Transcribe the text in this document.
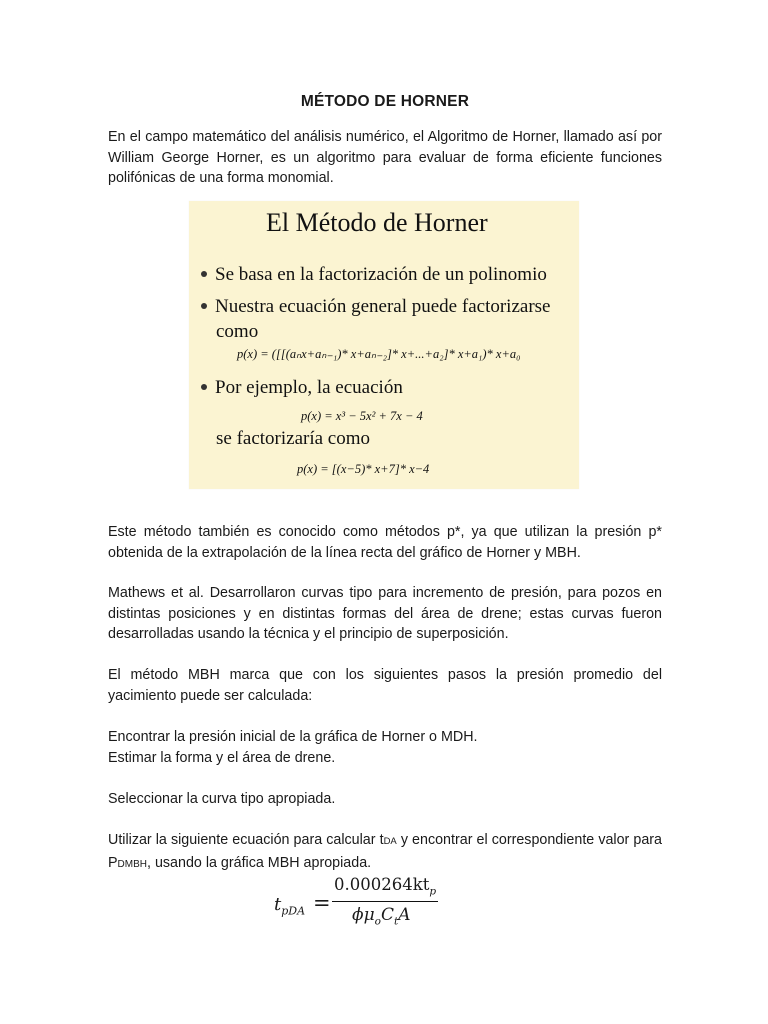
MÉTODO DE HORNER

En el campo matemático del análisis numérico, el Algoritmo de Horner, llamado así por William George Horner, es un algoritmo para evaluar de forma eficiente funciones polifónicas de una forma monomial.

El Método de Horner
Se basa en la factorización de un polinomio
Nuestra ecuación general puede factorizarse
como
p(x) = ([[(aₙx+aₙ₋₁)* x+aₙ₋₂]* x+...+a₂]* x+a₁)* x+a₀
Por ejemplo, la ecuación
p(x) = x³ − 5x² + 7x − 4
se factorizaría como
p(x) = [(x−5)* x+7]* x−4

Este método también es conocido como métodos p*, ya que utilizan la presión p* obtenida de la extrapolación de la línea recta del gráfico de Horner y MBH.

Mathews et al. Desarrollaron curvas tipo para incremento de presión, para pozos en distintas posiciones y en distintas formas del área de drene; estas curvas fueron desarrolladas usando la técnica y el principio de superposición.

El método MBH marca que con los siguientes pasos la presión promedio del yacimiento puede ser calculada:

Encontrar la presión inicial de la gráfica de Horner o MDH.

Estimar la forma y el área de drene.

Seleccionar la curva tipo apropiada.

Utilizar la siguiente ecuación para calcular tDA y encontrar el correspondiente valor para PDMBH, usando la gráfica MBH apropiada.

$t_{pDA}$ =
$0.000264kt_p$
$\phi\mu_oC_tA$
